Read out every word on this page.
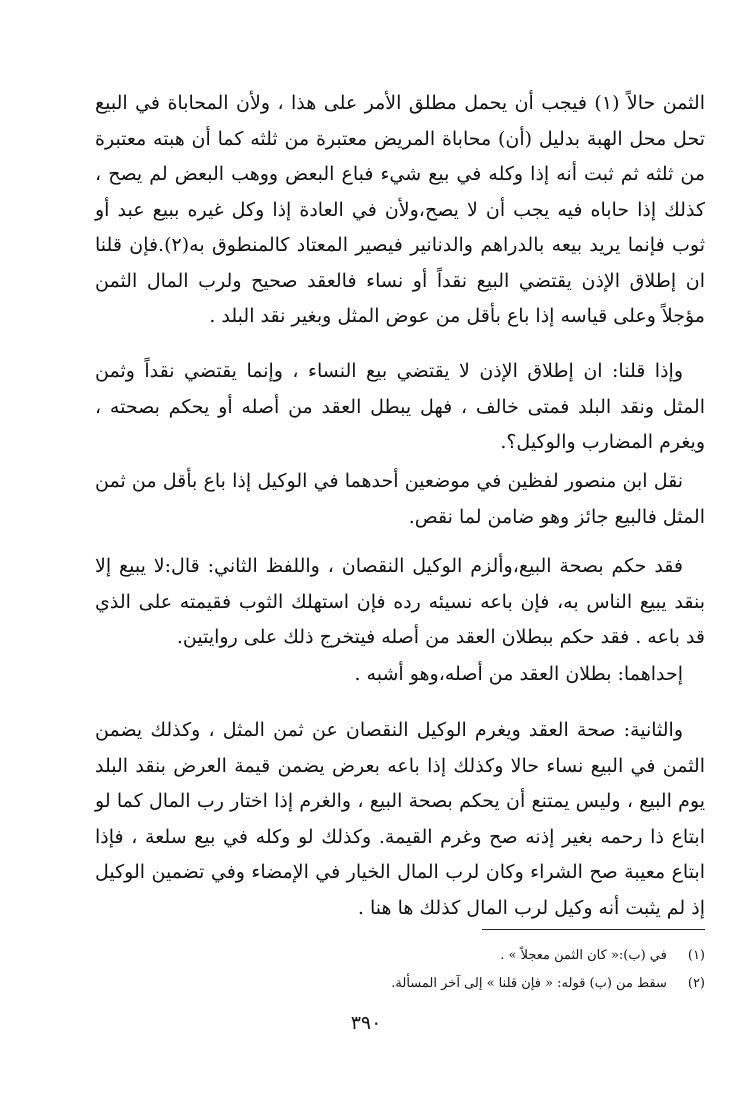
الثمن حالاً (١) فيجب أن يحمل مطلق الأمر على هذا ، ولأن المحاباة في البيع تحل محل الهبة بدليل (أن) محاباة المريض معتبرة من ثلثه كما أن هبته معتبرة من ثلثه ثم ثبت أنه إذا وكله في بيع شيء فباع البعض ووهب البعض لم يصح ، كذلك إذا حاباه فيه يجب أن لا يصح،ولأن في العادة إذا وكل غيره ببيع عبد أو ثوب فإنما يريد بيعه بالدراهم والدنانير فيصير المعتاد كالمنطوق به(٢).فإن قلنا ان إطلاق الإذن يقتضي البيع نقداً أو نساء فالعقد صحيح ولرب المال الثمن مؤجلاً وعلى قياسه إذا باع بأقل من عوض المثل وبغير نقد البلد .

وإذا قلنا: ان إطلاق الإذن لا يقتضي بيع النساء ، وإنما يقتضي نقداً وثمن المثل ونقد البلد فمتى خالف ، فهل يبطل العقد من أصله أو يحكم بصحته ، ويغرم المضارب والوكيل؟.

نقل ابن منصور لفظين في موضعين أحدهما في الوكيل إذا باع بأقل من ثمن المثل فالبيع جائز وهو ضامن لما نقص.

فقد حكم بصحة البيع،وألزم الوكيل النقصان ، واللفظ الثاني: قال:لا يبيع إلا بنقد يبيع الناس به، فإن باعه نسيئه رده فإن استهلك الثوب فقيمته على الذي قد باعه . فقد حكم ببطلان العقد من أصله فيتخرج ذلك على روايتين.

إحداهما: بطلان العقد من أصله،وهو أشبه .

والثانية: صحة العقد ويغرم الوكيل النقصان عن ثمن المثل ، وكذلك يضمن الثمن في البيع نساء حالا وكذلك إذا باعه بعرض يضمن قيمة العرض بنقد البلد يوم البيع ، وليس يمتنع أن يحكم بصحة البيع ، والغرم إذا اختار رب المال كما لو ابتاع ذا رحمه بغير إذنه صح وغرم القيمة. وكذلك لو وكله في بيع سلعة ، فإذا ابتاع معيبة صح الشراء وكان لرب المال الخيار في الإمضاء وفي تضمين الوكيل إذ لم يثبت أنه وكيل لرب المال كذلك ها هنا .

(١) في (ب):« كان الثمن معجلاً » .
(٢) سقط من (ب) قوله: « فإن قلنا » إلى آخر المسألة.
٣٩٠
